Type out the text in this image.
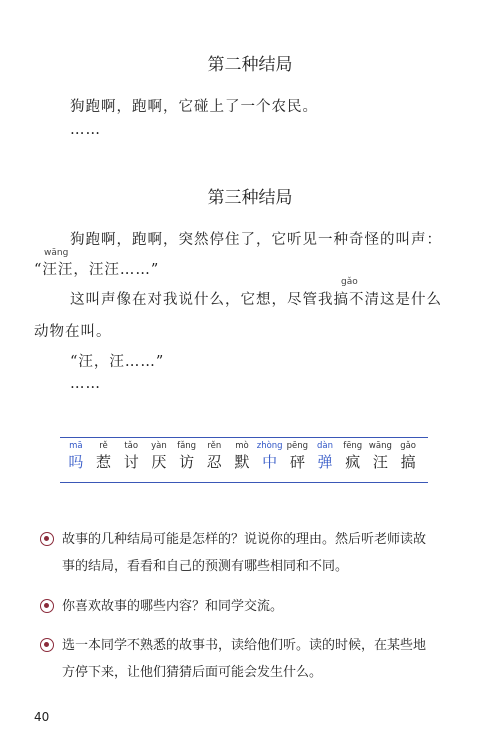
第二种结局
狗跑啊，跑啊，它碰上了一个农民。
……
第三种结局
狗跑啊，跑啊，突然停住了，它听见一种奇怪的叫声：
wāng
“汪汪，汪汪……”
gǎo
这叫声像在对我说什么，它想，尽管我搞不清这是什么
动物在叫。
“汪，汪……”
……
mā
吗
rě
惹
tǎo
讨
yàn
厌
fǎng
访
rěn
忍
mò
默
zhòng
中
pēng
砰
dàn
弹
fēng
疯
wāng
汪
gǎo
搞
故事的几种结局可能是怎样的？说说你的理由。然后听老师读故
事的结局，看看和自己的预测有哪些相同和不同。
你喜欢故事的哪些内容？和同学交流。
选一本同学不熟悉的故事书，读给他们听。读的时候，在某些地
方停下来，让他们猜猜后面可能会发生什么。
40
